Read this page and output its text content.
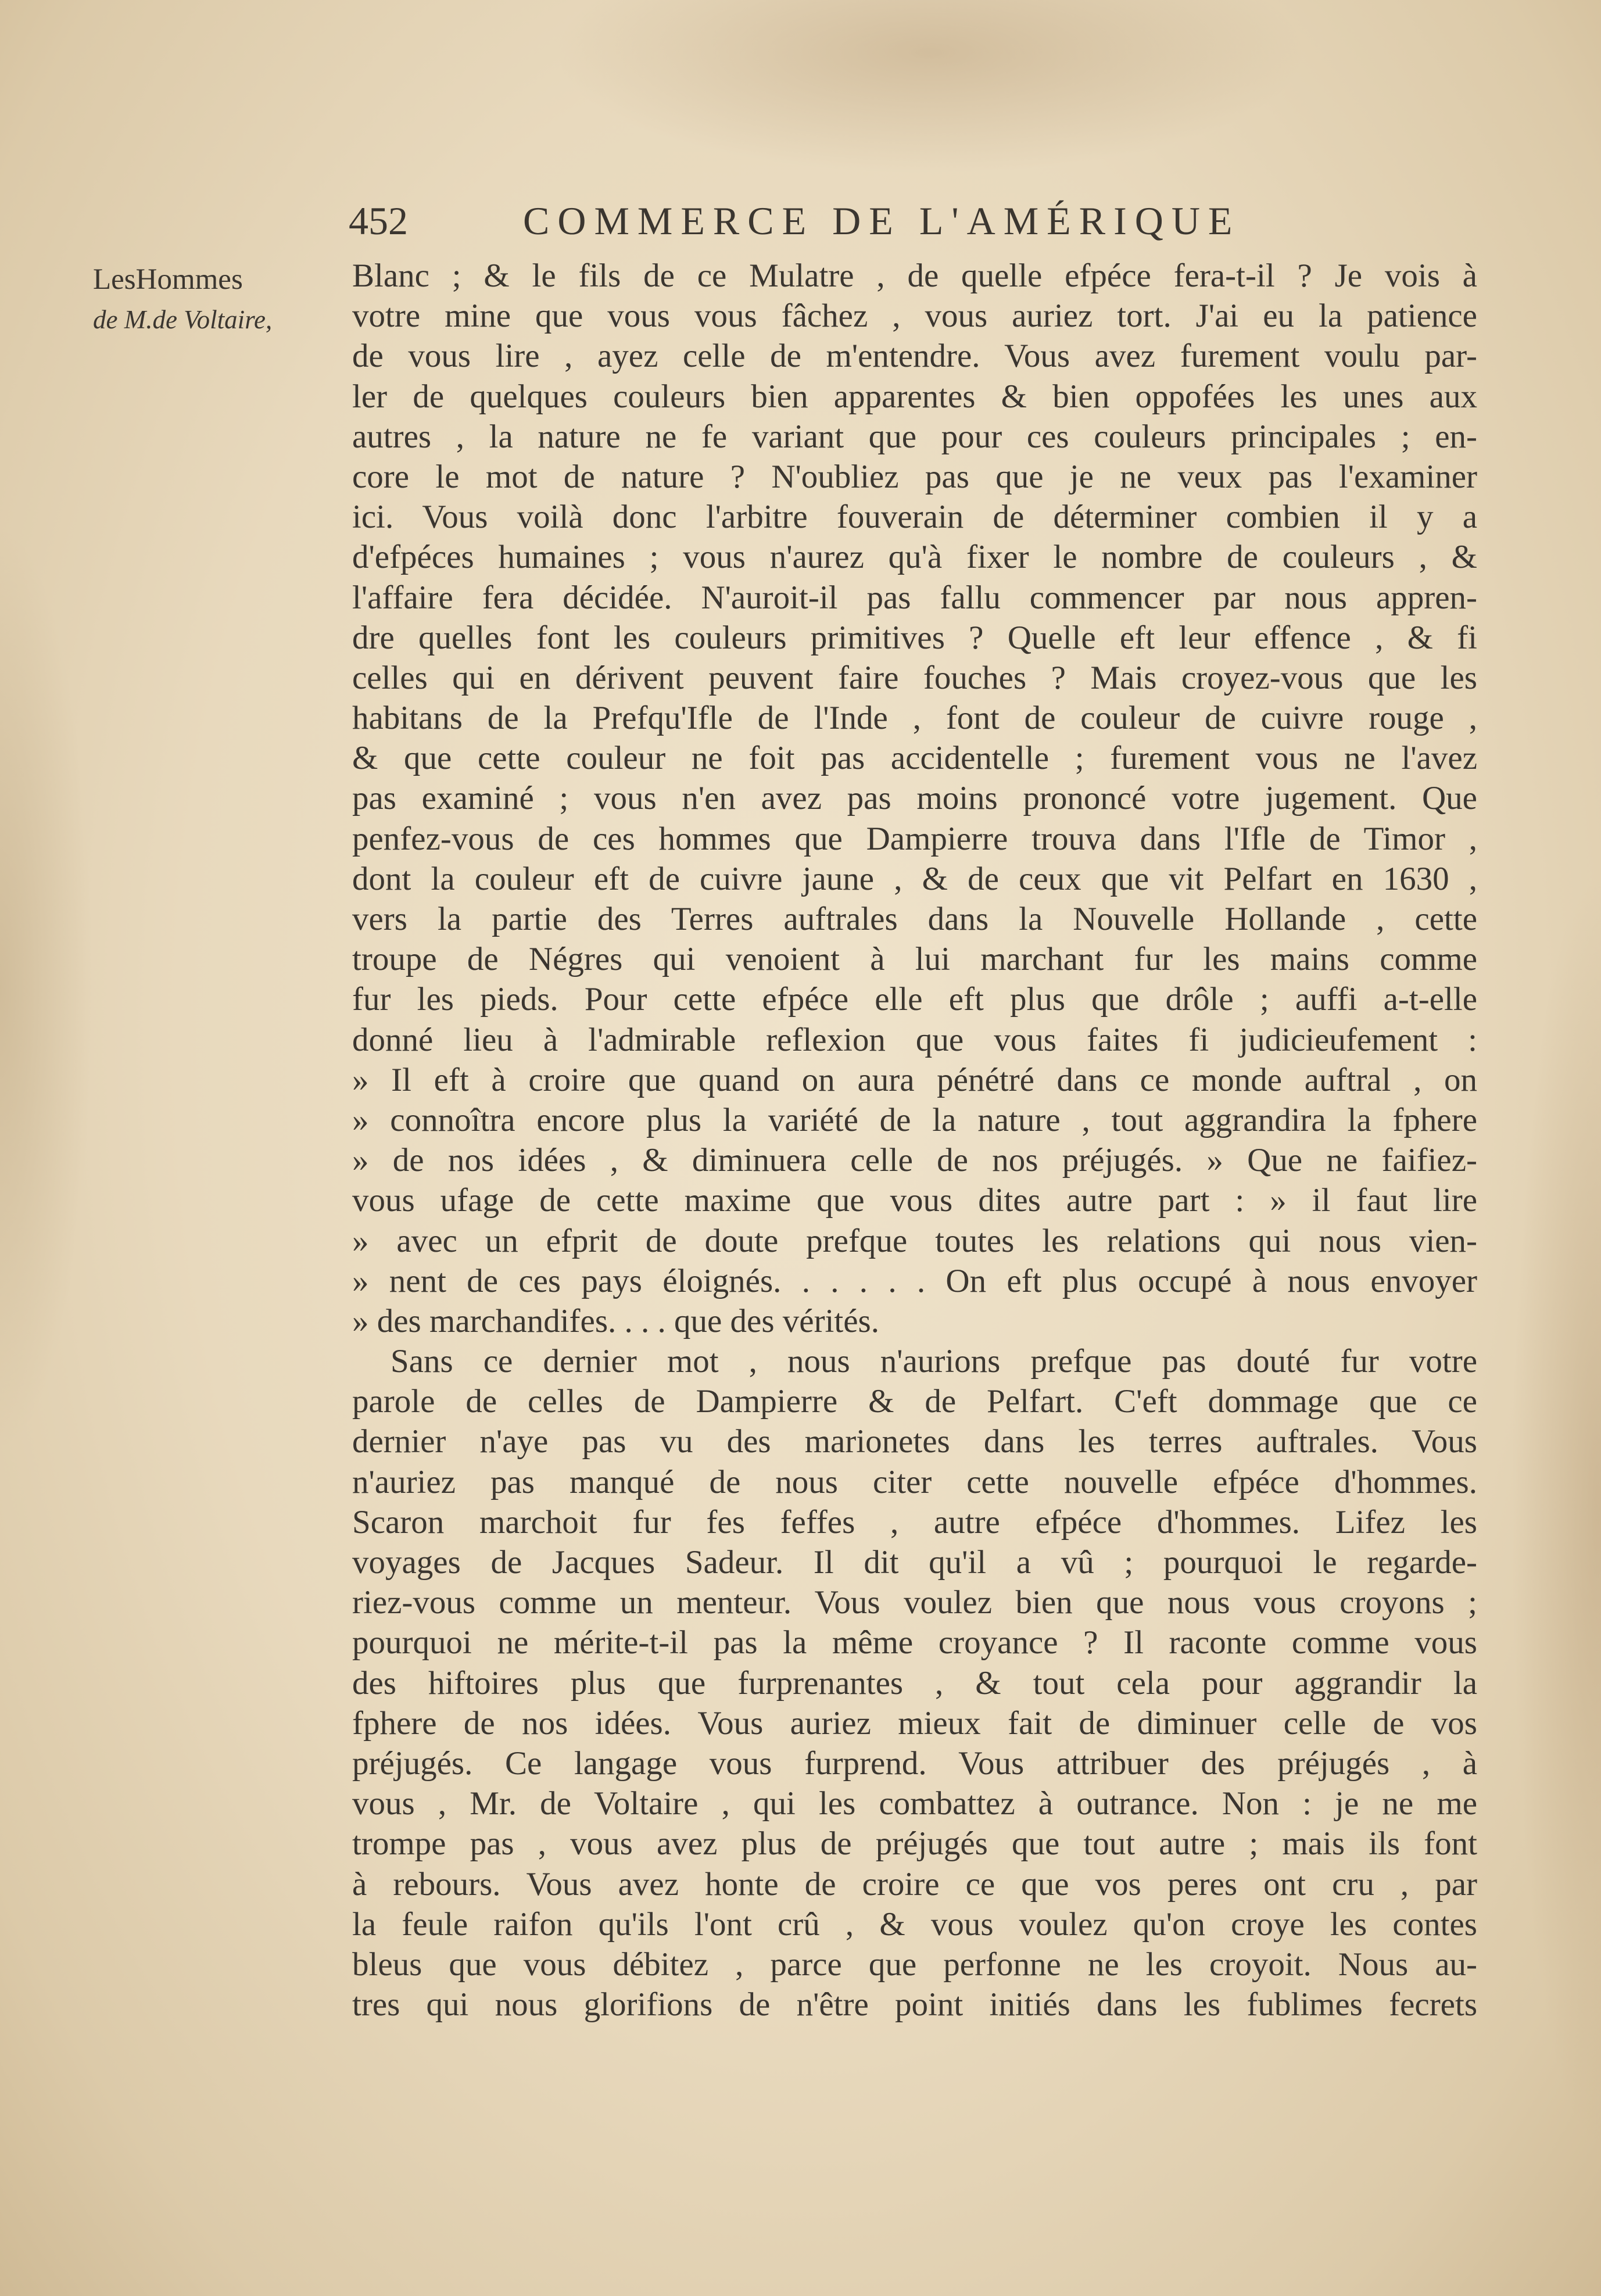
452	COMMERCE DE L'AMÉRIQUE
LesHommes
de M.de Voltaire,
Blanc ; & le fils de ce Mulatre , de quelle efpéce fera-t-il ? Je vois à
votre mine que vous vous fâchez , vous auriez tort. J'ai eu la patience
de vous lire , ayez celle de m'entendre. Vous avez furement voulu par-
ler de quelques couleurs bien apparentes & bien oppofées les unes aux
autres , la nature ne fe variant que pour ces couleurs principales ; en-
core le mot de nature ? N'oubliez pas que je ne veux pas l'examiner
ici. Vous voilà donc l'arbitre fouverain de déterminer combien il y a
d'efpéces humaines ; vous n'aurez qu'à fixer le nombre de couleurs , &
l'affaire fera décidée. N'auroit-il pas fallu commencer par nous appren-
dre quelles font les couleurs primitives ? Quelle eft leur effence , & fi
celles qui en dérivent peuvent faire fouches ? Mais croyez-vous que les
habitans de la Prefqu'Ifle de l'Inde , font de couleur de cuivre rouge ,
& que cette couleur ne foit pas accidentelle ; furement vous ne l'avez
pas examiné ; vous n'en avez pas moins prononcé votre jugement. Que
penfez-vous de ces hommes que Dampierre trouva dans l'Ifle de Timor ,
dont la couleur eft de cuivre jaune , & de ceux que vit Pelfart en 1630 ,
vers la partie des Terres auftrales dans la Nouvelle Hollande , cette
troupe de Négres qui venoient à lui marchant fur les mains comme
fur les pieds. Pour cette efpéce elle eft plus que drôle ; auffi a-t-elle
donné lieu à l'admirable reflexion que vous faites fi judicieufement :
» Il eft à croire que quand on aura pénétré dans ce monde auftral , on
» connoîtra encore plus la variété de la nature , tout aggrandira la fphere
» de nos idées , & diminuera celle de nos préjugés. » Que ne faifiez-
vous ufage de cette maxime que vous dites autre part : » il faut lire
» avec un efprit de doute prefque toutes les relations qui nous vien-
» nent de ces pays éloignés. . . . . . On eft plus occupé à nous envoyer
» des marchandifes. . . . que des vérités.
Sans ce dernier mot , nous n'aurions prefque pas douté fur votre
parole de celles de Dampierre & de Pelfart. C'eft dommage que ce
dernier n'aye pas vu des marionetes dans les terres auftrales. Vous
n'auriez pas manqué de nous citer cette nouvelle efpéce d'hommes.
Scaron marchoit fur fes feffes , autre efpéce d'hommes. Lifez les
voyages de Jacques Sadeur. Il dit qu'il a vû ; pourquoi le regarde-
riez-vous comme un menteur. Vous voulez bien que nous vous croyons ;
pourquoi ne mérite-t-il pas la même croyance ? Il raconte comme vous
des hiftoires plus que furprenantes , & tout cela pour aggrandir la
fphere de nos idées. Vous auriez mieux fait de diminuer celle de vos
préjugés. Ce langage vous furprend. Vous attribuer des préjugés , à
vous , Mr. de Voltaire , qui les combattez à outrance. Non : je ne me
trompe pas , vous avez plus de préjugés que tout autre ; mais ils font
à rebours. Vous avez honte de croire ce que vos peres ont cru , par
la feule raifon qu'ils l'ont crû , & vous voulez qu'on croye les contes
bleus que vous débitez , parce que perfonne ne les croyoit. Nous au-
tres qui nous glorifions de n'être point initiés dans les fublimes fecrets
